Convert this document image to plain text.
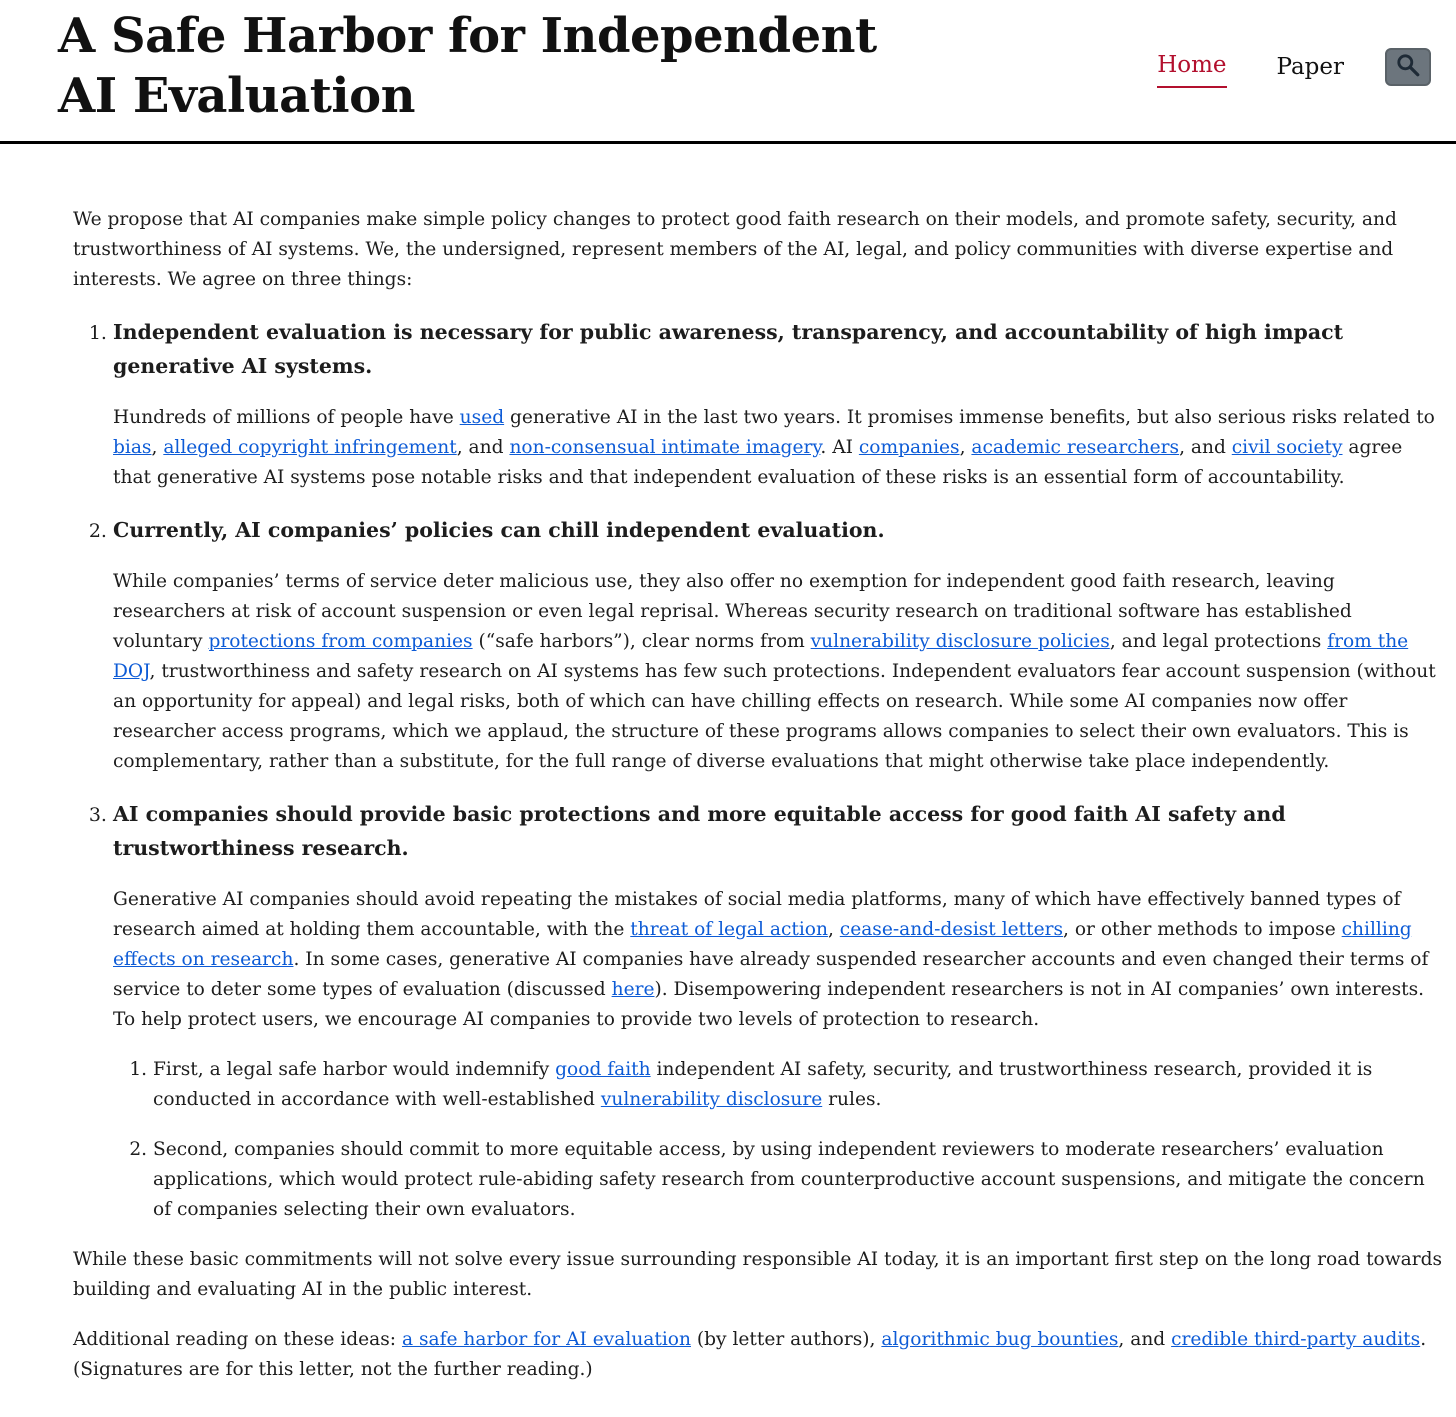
A Safe Harbor for Independent AI Evaluation
Home Paper

We propose that AI companies make simple policy changes to protect good faith research on their models, and promote safety, security, and trustworthiness of AI systems. We, the undersigned, represent members of the AI, legal, and policy communities with diverse expertise and interests. We agree on three things:

1. Independent evaluation is necessary for public awareness, transparency, and accountability of high impact generative AI systems.

Hundreds of millions of people have used generative AI in the last two years. It promises immense benefits, but also serious risks related to bias, alleged copyright infringement, and non-consensual intimate imagery. AI companies, academic researchers, and civil society agree that generative AI systems pose notable risks and that independent evaluation of these risks is an essential form of accountability.

2. Currently, AI companies’ policies can chill independent evaluation.

While companies’ terms of service deter malicious use, they also offer no exemption for independent good faith research, leaving researchers at risk of account suspension or even legal reprisal. Whereas security research on traditional software has established voluntary protections from companies (“safe harbors”), clear norms from vulnerability disclosure policies, and legal protections from the DOJ, trustworthiness and safety research on AI systems has few such protections. Independent evaluators fear account suspension (without an opportunity for appeal) and legal risks, both of which can have chilling effects on research. While some AI companies now offer researcher access programs, which we applaud, the structure of these programs allows companies to select their own evaluators. This is complementary, rather than a substitute, for the full range of diverse evaluations that might otherwise take place independently.

3. AI companies should provide basic protections and more equitable access for good faith AI safety and trustworthiness research.

Generative AI companies should avoid repeating the mistakes of social media platforms, many of which have effectively banned types of research aimed at holding them accountable, with the threat of legal action, cease-and-desist letters, or other methods to impose chilling effects on research. In some cases, generative AI companies have already suspended researcher accounts and even changed their terms of service to deter some types of evaluation (discussed here). Disempowering independent researchers is not in AI companies’ own interests. To help protect users, we encourage AI companies to provide two levels of protection to research.

1. First, a legal safe harbor would indemnify good faith independent AI safety, security, and trustworthiness research, provided it is conducted in accordance with well-established vulnerability disclosure rules.
2. Second, companies should commit to more equitable access, by using independent reviewers to moderate researchers’ evaluation applications, which would protect rule-abiding safety research from counterproductive account suspensions, and mitigate the concern of companies selecting their own evaluators.

While these basic commitments will not solve every issue surrounding responsible AI today, it is an important first step on the long road towards building and evaluating AI in the public interest.

Additional reading on these ideas: a safe harbor for AI evaluation (by letter authors), algorithmic bug bounties, and credible third-party audits. (Signatures are for this letter, not the further reading.)
